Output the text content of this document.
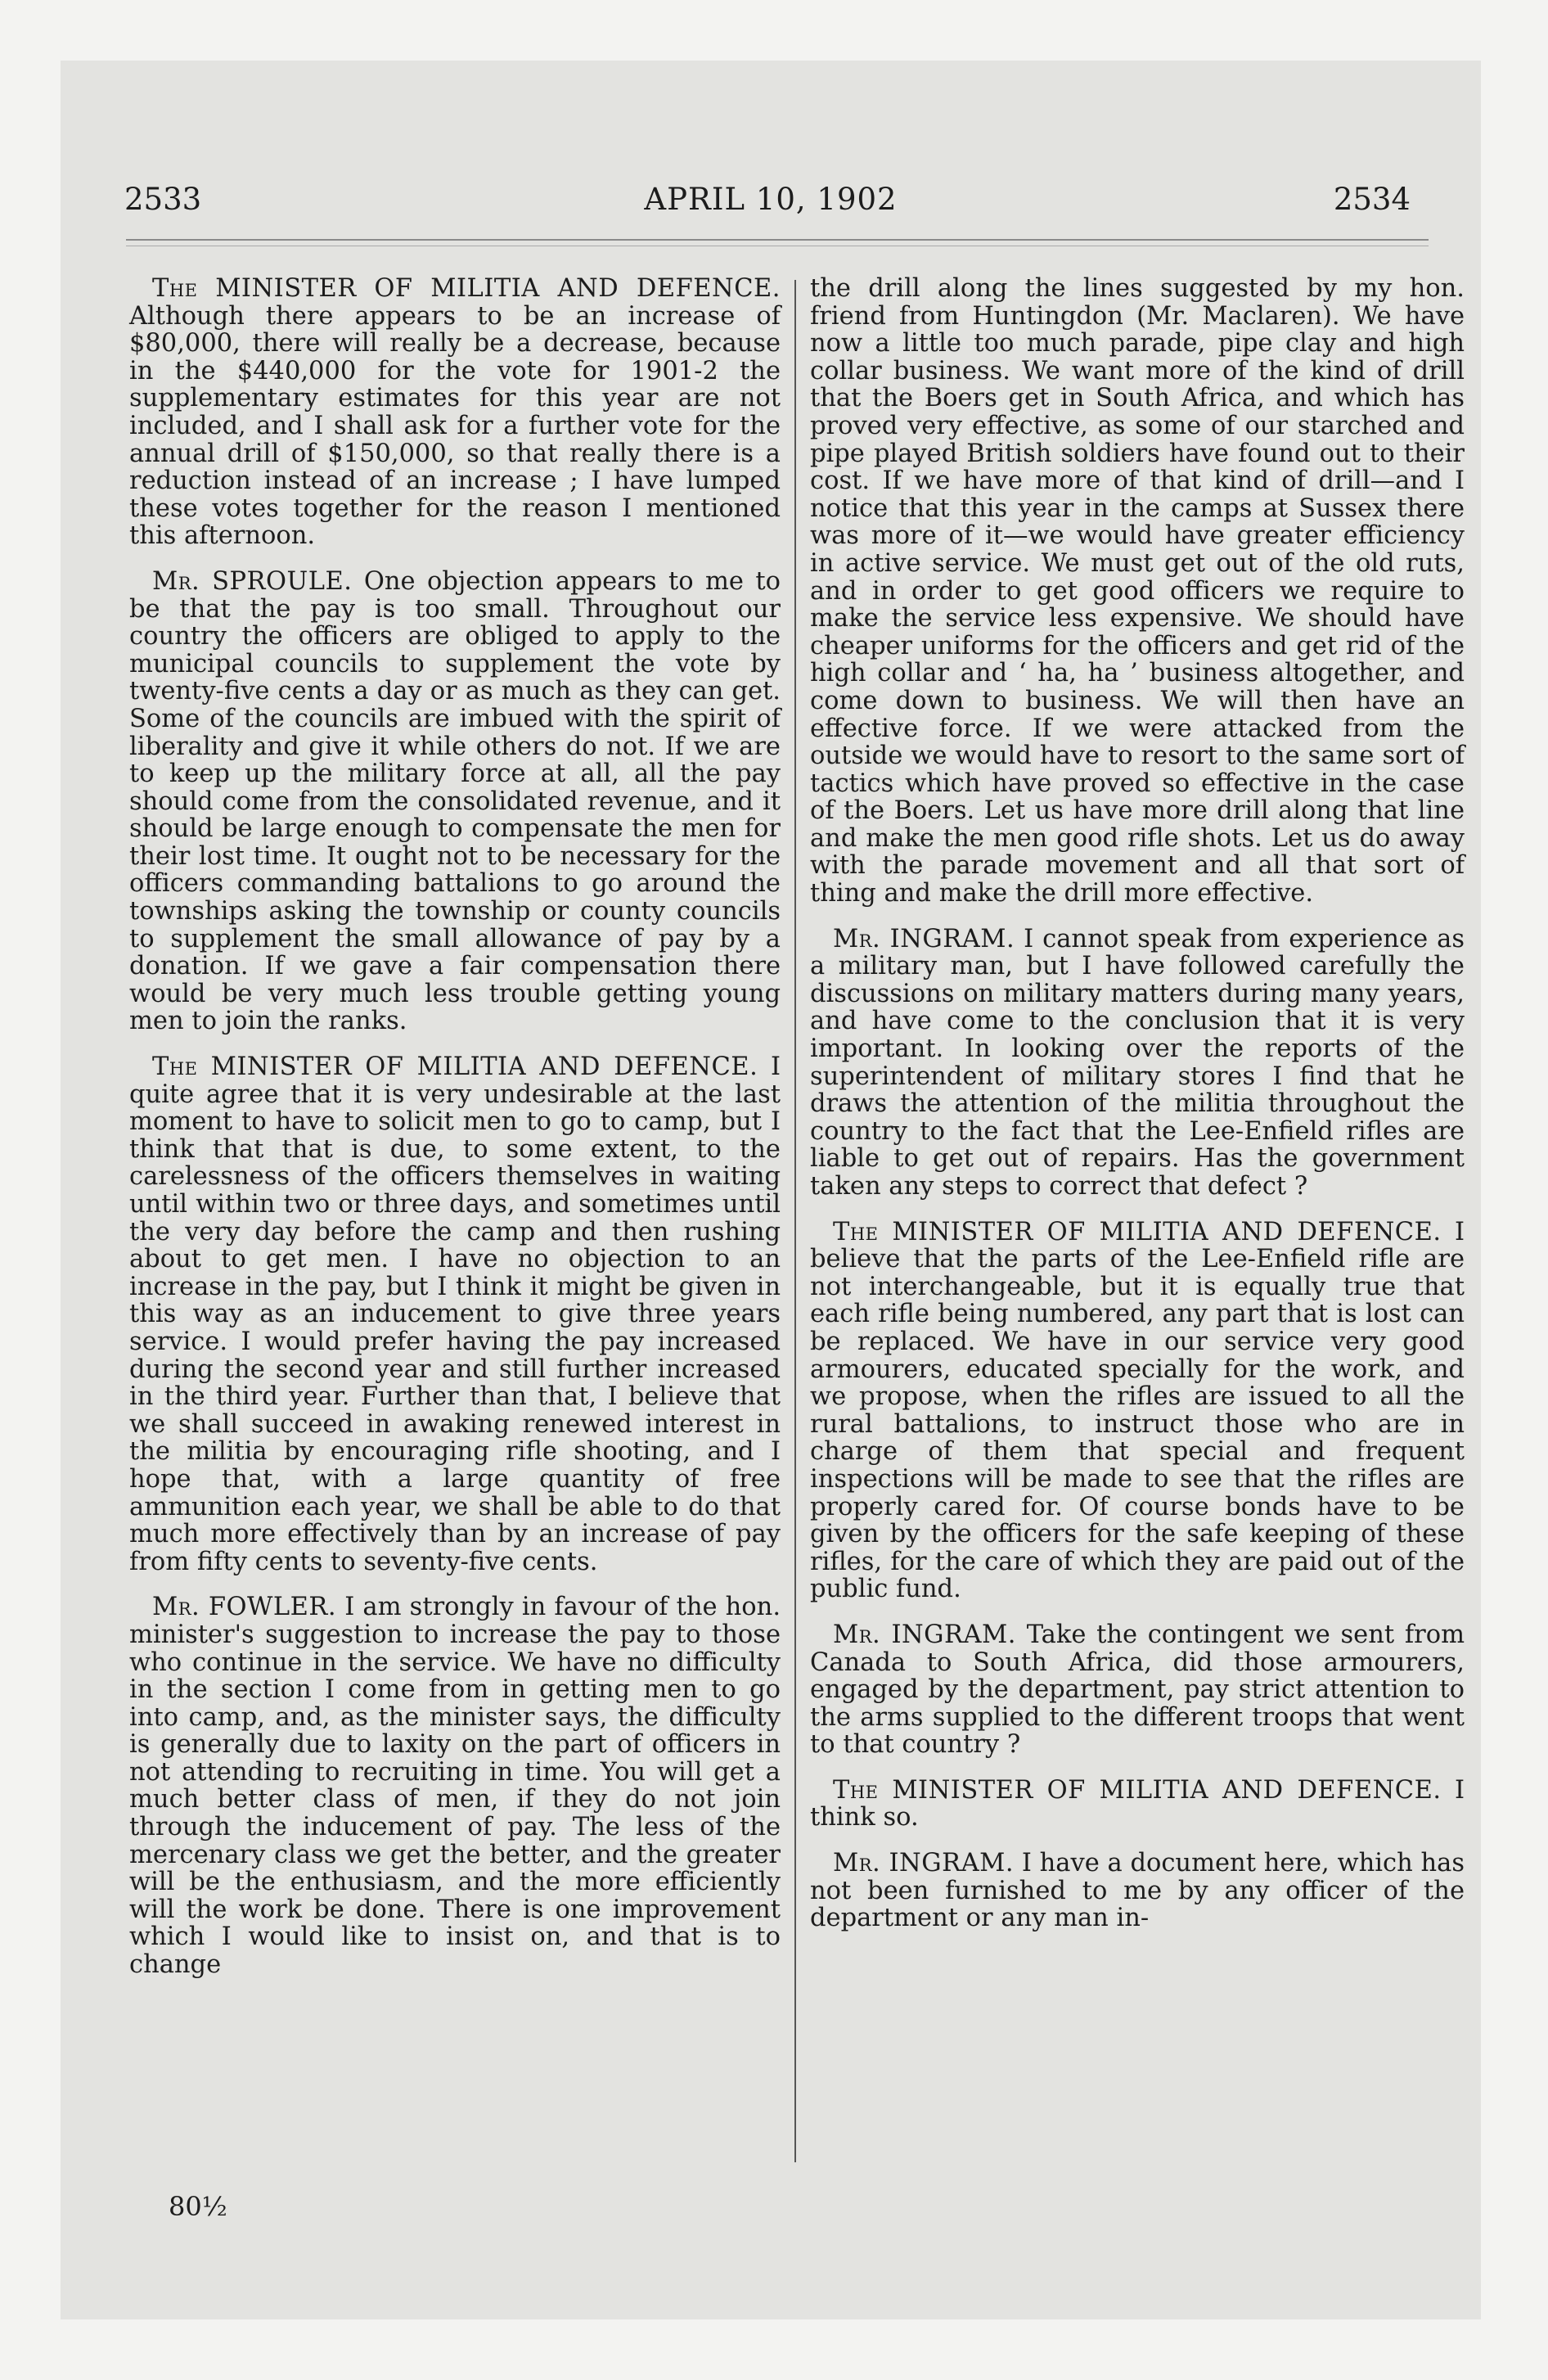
2533	APRIL 10, 1902	2534

The MINISTER OF MILITIA AND DEFENCE. Although there appears to be an increase of $80,000, there will really be a decrease, because in the $440,000 for the vote for 1901-2 the supplementary estimates for this year are not included, and I shall ask for a further vote for the annual drill of $150,000, so that really there is a reduction instead of an increase ; I have lumped these votes together for the reason I mentioned this afternoon.

Mr. SPROULE. One objection appears to me to be that the pay is too small. Throughout our country the officers are obliged to apply to the municipal councils to supplement the vote by twenty-five cents a day or as much as they can get. Some of the councils are imbued with the spirit of liberality and give it while others do not. If we are to keep up the military force at all, all the pay should come from the consolidated revenue, and it should be large enough to compensate the men for their lost time. It ought not to be necessary for the officers commanding battalions to go around the townships asking the township or county councils to supplement the small allowance of pay by a donation. If we gave a fair compensation there would be very much less trouble getting young men to join the ranks.

The MINISTER OF MILITIA AND DEFENCE. I quite agree that it is very undesirable at the last moment to have to solicit men to go to camp, but I think that that is due, to some extent, to the carelessness of the officers themselves in waiting until within two or three days, and sometimes until the very day before the camp and then rushing about to get men. I have no objection to an increase in the pay, but I think it might be given in this way as an inducement to give three years service. I would prefer having the pay increased during the second year and still further increased in the third year. Further than that, I believe that we shall succeed in awaking renewed interest in the militia by encouraging rifle shooting, and I hope that, with a large quantity of free ammunition each year, we shall be able to do that much more effectively than by an increase of pay from fifty cents to seventy-five cents.

Mr. FOWLER. I am strongly in favour of the hon. minister's suggestion to increase the pay to those who continue in the service. We have no difficulty in the section I come from in getting men to go into camp, and, as the minister says, the difficulty is generally due to laxity on the part of officers in not attending to recruiting in time. You will get a much better class of men, if they do not join through the inducement of pay. The less of the mercenary class we get the better, and the greater will be the enthusiasm, and the more efficiently will the work be done. There is one improvement which I would like to insist on, and that is to change

the drill along the lines suggested by my hon. friend from Huntingdon (Mr. Maclaren). We have now a little too much parade, pipe clay and high collar business. We want more of the kind of drill that the Boers get in South Africa, and which has proved very effective, as some of our starched and pipe played British soldiers have found out to their cost. If we have more of that kind of drill—and I notice that this year in the camps at Sussex there was more of it—we would have greater efficiency in active service. We must get out of the old ruts, and in order to get good officers we require to make the service less expensive. We should have cheaper uniforms for the officers and get rid of the high collar and ‘ ha, ha ’ business altogether, and come down to business. We will then have an effective force. If we were attacked from the outside we would have to resort to the same sort of tactics which have proved so effective in the case of the Boers. Let us have more drill along that line and make the men good rifle shots. Let us do away with the parade movement and all that sort of thing and make the drill more effective.

Mr. INGRAM. I cannot speak from experience as a military man, but I have followed carefully the discussions on military matters during many years, and have come to the conclusion that it is very important. In looking over the reports of the superintendent of military stores I find that he draws the attention of the militia throughout the country to the fact that the Lee-Enfield rifles are liable to get out of repairs. Has the government taken any steps to correct that defect ?

The MINISTER OF MILITIA AND DEFENCE. I believe that the parts of the Lee-Enfield rifle are not interchangeable, but it is equally true that each rifle being numbered, any part that is lost can be replaced. We have in our service very good armourers, educated specially for the work, and we propose, when the rifles are issued to all the rural battalions, to instruct those who are in charge of them that special and frequent inspections will be made to see that the rifles are properly cared for. Of course bonds have to be given by the officers for the safe keeping of these rifles, for the care of which they are paid out of the public fund.

Mr. INGRAM. Take the contingent we sent from Canada to South Africa, did those armourers, engaged by the department, pay strict attention to the arms supplied to the different troops that went to that country ?

The MINISTER OF MILITIA AND DEFENCE. I think so.

Mr. INGRAM. I have a document here, which has not been furnished to me by any officer of the department or any man in-

80½
